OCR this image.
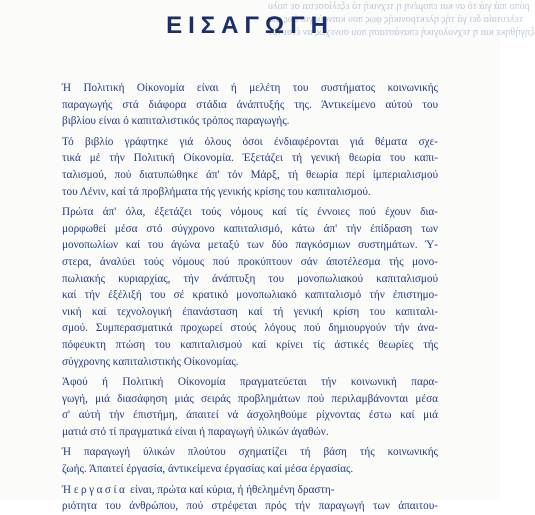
ρόπο πιά γιά τό αν και επομένη η τεχνική τό εξελίσσεται σε πολυ
τελευταία δει γά τής ηλεκτρονικής φως που καινούργιο έως μια
ξηγήθηκε και η τεχνολογική επανάσταση που συνεχώς αν έτσι τόν
ΕΙΣΑΓΩΓΗ
Ή Πολιτική Οίκονομία είναι ή μελέτη του συστήματος κοινωνικής
παραγωγής στά διάφορα στάδια άνάπτυξής της. Άντικείμενο αύτού του
βιβλίου είναι ό καπιταλιστικός τρόπος παραγωγής.
Τό βιβλίο γράφτηκε γιά όλους όσοι ένδιαφέρονται γιά θέματα σχε-
τικά μέ τήν Πολιτική Οίκονομία. Έξετάζει τή γενική θεωρία του καπι-
ταλισμού, πού διατυπώθηκε άπ' τόν Μάρξ, τή θεωρία περί ίμπεριαλισμού
του Λένιν, καί τά προβλήματα τής γενικής κρίσης του καπιταλισμού.
Πρώτα άπ' όλα, έξετάζει τούς νόμους καί τίς έννοιες πού έχουν δια-
μορφωθεί μέσα στό σύγχρονο καπιταλισμό, κάτω άπ' τήν έπίδραση των
μονοπωλίων καί του άγώνα μεταξύ των δύο παγκόσμιων συστημάτων. Ύ-
στερα, άναλύει τούς νόμους πού προκύπτουν σάν άποτέλεσμα τής μονο-
πωλιακής κυριαρχίας, τήν άνάπτυξη του μονοπωλιακού καπιταλισμού
καί τήν έξέλιξή του σέ κρατικό μονοπωλιακό καπιταλισμό τήν έπιστημο-
νική καί τεχνολογική έπανάσταση καί τή γενική κρίση του καπιταλι-
σμού. Συμπερασματικά προχωρεί στούς λόγους πού δημιουργούν τήν άνα-
πόφευκτη πτώση του καπιταλισμού καί κρίνει τίς άστικές θεωρίες τής
σύγχρονης καπιταλιστικής Οίκονομίας.
Άφού ή Πολιτική Οίκονομία πραγματεύεται τήν κοινωνική παρα-
γωγή, μιά διασάφηση μιάς σειράς προβλημάτων πού περιλαμβάνονται μέσα
σ' αύτή τήν έπιστήμη, άπαιτεί νά άσχοληθούμε ρίχνοντας έστω καί μιά
ματιά στό τί πραγματικά είναι ή παραγωγή ύλικών άγαθών.
Ή παραγωγή ύλικών πλούτου σχηματίζει τή βάση τής κοινωνικής
ζωής. Άπαιτεί έργασία, άντικείμενα έργασίας καί μέσα έργασίας.
Ή εργασία είναι, πρώτα καί κύρια, ή ήθελημένη δραστη-
ριότητα του άνθρώπου, πού στρέφεται πρός τήν παραγωγή των άπαιτου-
